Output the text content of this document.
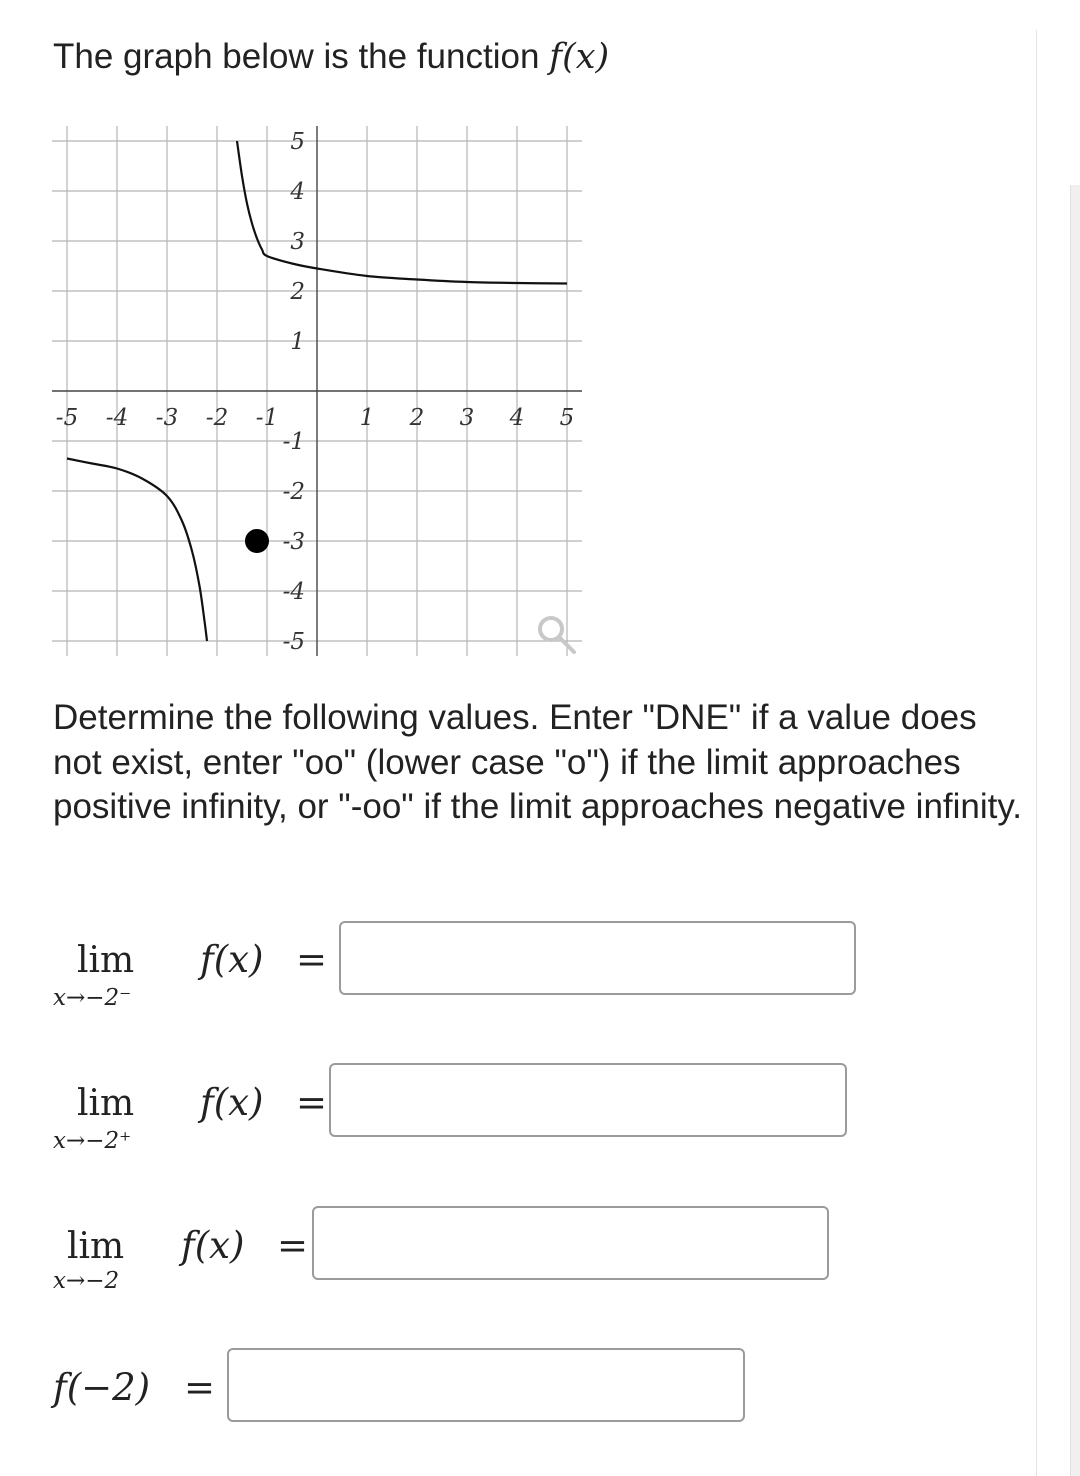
The graph below is the function f(x)
-5 -4 -3 -2 -1	1 2 3 4 5
5
4
3
2
1
-1
-2
-3
-4
-5
Determine the following values. Enter "DNE" if a value does not exist, enter "oo" (lower case "o") if the limit approaches positive infinity, or "-oo" if the limit approaches negative infinity.
lim
x→−2⁻
f(x) =
lim
x→−2⁺
f(x) =
lim
x→−2
f(x) =
f(−2) =
